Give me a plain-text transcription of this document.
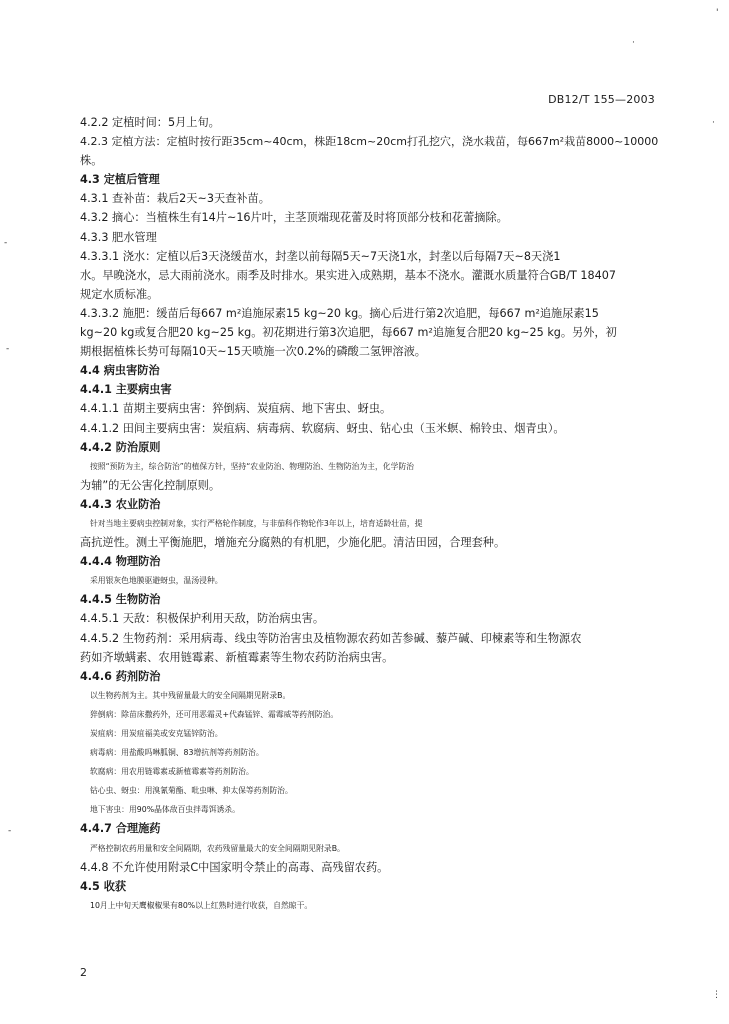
DB12/T 155—2003
4.2.2 定植时间：5月上旬。
4.2.3 定植方法：定植时按行距35cm~40cm，株距18cm~20cm打孔挖穴，浇水栽苗，每667m²栽苗8000~10000
株。
4.3 定植后管理
4.3.1 查补苗：栽后2天~3天查补苗。
4.3.2 摘心：当植株生有14片~16片叶，主茎顶端现花蕾及时将顶部分枝和花蕾摘除。
4.3.3 肥水管理
4.3.3.1 浇水：定植以后3天浇缓苗水，封垄以前每隔5天~7天浇1水，封垄以后每隔7天~8天浇1
水。早晚浇水，忌大雨前浇水。雨季及时排水。果实进入成熟期，基本不浇水。灌溉水质量符合GB/T 18407
规定水质标准。
4.3.3.2 施肥：缓苗后每667 m²追施尿素15 kg~20 kg。摘心后进行第2次追肥，每667 m²追施尿素15
kg~20 kg或复合肥20 kg~25 kg。初花期进行第3次追肥，每667 m²追施复合肥20 kg~25 kg。另外，初
期根据植株长势可每隔10天~15天喷施一次0.2%的磷酸二氢钾溶液。
4.4 病虫害防治
4.4.1 主要病虫害
4.4.1.1 苗期主要病虫害：猝倒病、炭疽病、地下害虫、蚜虫。
4.4.1.2 田间主要病虫害：炭疽病、病毒病、软腐病、蚜虫、钻心虫（玉米螟、棉铃虫、烟青虫）。
4.4.2 防治原则
按照“预防为主，综合防治”的植保方针，坚持“农业防治、物理防治、生物防治为主，化学防治
为辅”的无公害化控制原则。
4.4.3 农业防治
针对当地主要病虫控制对象，实行严格轮作制度，与非茄科作物轮作3年以上，培育适龄壮苗，提
高抗逆性。测土平衡施肥，增施充分腐熟的有机肥，少施化肥。清洁田园，合理套种。
4.4.4 物理防治
采用银灰色地膜驱避蚜虫，温汤浸种。
4.4.5 生物防治
4.4.5.1 天敌：积极保护利用天敌，防治病虫害。
4.4.5.2 生物药剂：采用病毒、线虫等防治害虫及植物源农药如苦参碱、藜芦碱、印楝素等和生物源农
药如齐墩螨素、农用链霉素、新植霉素等生物农药防治病虫害。
4.4.6 药剂防治
以生物药剂为主。其中残留量最大的安全间隔期见附录B。
猝倒病：除苗床撒药外，还可用恶霜灵+代森锰锌、霜霉威等药剂防治。
炭疽病：用炭疽福美或安克锰锌防治。
病毒病：用盐酸吗啉胍铜、83增抗剂等药剂防治。
软腐病：用农用链霉素或新植霉素等药剂防治。
钻心虫、蚜虫：用溴氰菊酯、吡虫啉、抑太保等药剂防治。
地下害虫：用90%晶体敌百虫拌毒饵诱杀。
4.4.7 合理施药
严格控制农药用量和安全间隔期，农药残留量最大的安全间隔期见附录B。
4.4.8 不允许使用附录C中国家明令禁止的高毒、高残留农药。
4.5 收获
10月上中旬天鹰椒椒果有80%以上红熟时进行收获，自然晾干。
2
'
·
·
-
-
-
⋮
